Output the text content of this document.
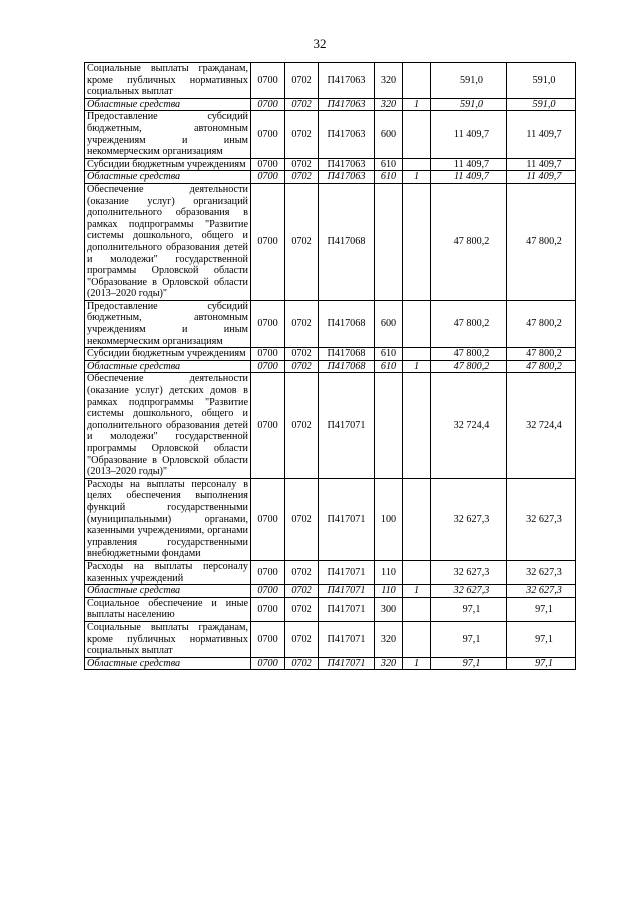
32
Социальные выплаты гражданам, кроме публичных нормативных социальных выплат	0700	0702	П417063	320		591,0	591,0
Областные средства	0700	0702	П417063	320	1	591,0	591,0
Предоставление субсидий бюджетным, автономным учреждениям и иным некоммерческим организациям	0700	0702	П417063	600		11 409,7	11 409,7
Субсидии бюджетным учреждениям	0700	0702	П417063	610		11 409,7	11 409,7
Областные средства	0700	0702	П417063	610	1	11 409,7	11 409,7
Обеспечение деятельности (оказание услуг) организаций дополнительного образования в рамках подпрограммы "Развитие системы дошкольного, общего и дополнительного образования детей и молодежи" государственной программы Орловской области "Образование в Орловской области (2013–2020 годы)"	0700	0702	П417068			47 800,2	47 800,2
Предоставление субсидий бюджетным, автономным учреждениям и иным некоммерческим организациям	0700	0702	П417068	600		47 800,2	47 800,2
Субсидии бюджетным учреждениям	0700	0702	П417068	610		47 800,2	47 800,2
Областные средства	0700	0702	П417068	610	1	47 800,2	47 800,2
Обеспечение деятельности (оказание услуг) детских домов в рамках подпрограммы "Развитие системы дошкольного, общего и дополнительного образования детей и молодежи" государственной программы Орловской области "Образование в Орловской области (2013–2020 годы)"	0700	0702	П417071			32 724,4	32 724,4
Расходы на выплаты персоналу в целях обеспечения выполнения функций государственными (муниципальными) органами, казенными учреждениями, органами управления государственными внебюджетными фондами	0700	0702	П417071	100		32 627,3	32 627,3
Расходы на выплаты персоналу казенных учреждений	0700	0702	П417071	110		32 627,3	32 627,3
Областные средства	0700	0702	П417071	110	1	32 627,3	32 627,3
Социальное обеспечение и иные выплаты населению	0700	0702	П417071	300		97,1	97,1
Социальные выплаты гражданам, кроме публичных нормативных социальных выплат	0700	0702	П417071	320		97,1	97,1
Областные средства	0700	0702	П417071	320	1	97,1	97,1
